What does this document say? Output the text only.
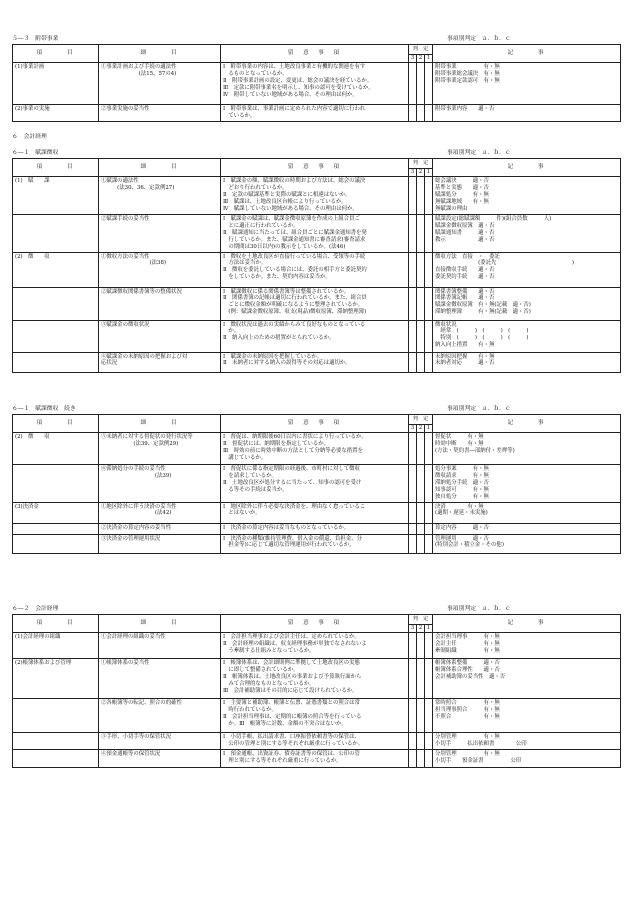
５―３　附帯事業	事項別判定　ａ．ｂ．ｃ
項　　　目	細　　　目	留　意　事　項	判　定			記　　　事
			3	2	1	

(1)事業計画	①事業計画および手続の適法性
　　　　　　　(法15、57の4)	Ⅰ　附帯事業の内容は、土地改良事業と有機的な関連を有す
　るものとなっているか。
Ⅱ　附帯事業計画の設定、変更は、総会の議決を経ているか。
Ⅲ　定款に附帯事業名を明示し、知事の認可を受けているか。
Ⅳ　附帯していない地域がある場合、その理由は何か。				附帯事業　　　　　有・無
附帯事業総会議決　有・無
附帯事業定款認可　有・無

(2)事業の実施	②事業実施の妥当性	Ⅰ　附帯事業は、事業計画に定められた内容で適切に行われ
　ているか。				附帯事業内容　　適・否
６　会計経理
６―１　賦課徴収	事項別判定　ａ．ｂ．ｃ
項　　　目	細　　　目	留　意　事　項	判　定			記　　　事
			3	2	1	

(1)　賦　　課	①賦課の適法性
　　　(法30、36、定款例27)	Ⅰ　賦課金の額、賦課徴収の時期および方法は、総会の議決
　どおり行われているか。
Ⅱ　定款の賦課基準と実際の賦課とに相違はないか。
Ⅲ　賦課は、土地改良区台帳により行っているか。
Ⅳ　賦課していない地域がある場合、その理由は何か。				総会議決　　　適・否
基準と実態　　適・否
賦課処分　　　有・無
無賦課地域　　有・無
無賦課の理由

	②賦課手続の妥当性	Ⅰ　賦課金の賦課は、賦課金徴収原簿を作成の上組合員ご
　とに適正に行われているか。
Ⅱ　賦課通知に当たっては、組合員ごとに賦課金通知書を発
　行しているか。また、賦課金通知書に審査請求(審査請求
　の期間は30日以内)の教示をしているか。(法46)				賦課設定(総賦課額　　　件)(組合員数　　　人)
賦課金徴収原簿　適・否
賦課通知書　　　適・否
教示　　　　　　適・否

(2)　徴　　収	①徴収方法の妥当性
　　　　　　　　　(法38)	Ⅰ　徴収を土地改良区が直接行っている場合、受領等の手続
　方法は妥当か。
Ⅱ　徴収を委託している場合には、委託の相手方と委託契約
　をしているか。また、契約内容は妥当か。				徴収方法　直接　・　委託
　　　　　　　　(委託先　　　　　　　　　　　　　　)
直接徴収手続　　適・否
委託契約手続　　適・否

	②賦課徴収関係書簿等の整備状況	Ⅰ　賦課徴収に係る関係書簿等は整備されているか。
Ⅱ　関係書簿の記帳は適切に行われているか。また、組合員
　ごとに徴収金額が明確になるように整理されているか。
　(例：賦課金徴収原簿、収支(現品)徴収原簿、滞納整理簿)				関係書簿整備　　適・否
関係書簿記帳　　適・否
賦課金徴収原簿　有・無(記載　適・否)
滞納整理簿　　　有・無(記載　適・否)

	③賦課金の徴収状況	Ⅰ　徴収状況は過去の実績からみて良好なものとなっている
　か。
Ⅱ　納入向上のための措置がとられているか。				徴収状況
　経常　(　　　)　(　　　)　(　　　)
　特別　(　　　)　(　　　)　(　　　)
納入向上措置　　有・無

	④賦課金の未納原因の把握および対
応状況	Ⅰ　賦課金の未納原因を把握しているか。
Ⅱ　未納者に対する納入の説得等その対応は適切か。				未納原因把握　　有・無
未納者対応　　　適・否
６―１　賦課徴収　続き	事項別判定　ａ．ｂ．ｃ
項　　　目	細　　　目	留　意　事　項	判　定			記　　　事
			3	2	1	

(2)　徴　　収	⑤未納者に対する督促状の発行状況等
　　　　　　(法39、定款例29)	Ⅰ　督促は、納期限後60日以内に書状により行っているか。
Ⅱ　督促状には、納期限を指定しているか。
Ⅲ　時効の前に時効中断の方法として分納等必要な措置を
　講じているか。				督促状　　　有・無
時効中断　　有・無
(方法・契約書―部納付・差押等)

	⑥滞納処分の手続の妥当性
　　　　　　　　　　(法39)	Ⅰ　督促状に係る指定期限の経過後、市町村に対して徴収
　を請求しているか。
Ⅱ　土地改良区が処分するに当たって、知事の認可を受け
　る等その手続は妥当か。				処分事案　　　有・無
徴収請求　　　有・無
滞納処分手続　適・否
知事認可　　　有・無
独自処分　　　有・無

(3)決済金	①地区除外に伴う決済の妥当性
　　　　　　　　　　(法42)	Ⅰ　地区除外に伴う必要な決済金を、理由なく怠っているこ
　とはないか。				決済　　　　有・無
(適期・遅延・未実施)

	②決済金の算定内容の妥当性	Ⅰ　決済金の算定内容は妥当なものとなっているか。				算定内容　　　適・否

	③決済金の管理運用状況	Ⅰ　決済金の種類(維持管理費、借入金の償還、負担金、分
　担金等)に応じて適切な管理運用が行われているか。				管理運用　　　適・否
(特別会計・積立金・その他)
６―２　会計経理	事項別判定　ａ．ｂ．ｃ
項　　　目	細　　　目	留　意　事　項	判　定			記　　　事
			3	2	1	

(1)会計経理の組織	①会計経理の組織の妥当性	Ⅰ　会計担当理事および会計主任は、定められているか。
Ⅱ　会計経理の組織は、収支経理事務が単独でなされないよ
　う牽制する仕組みとなっているか。				会計担当理事　　　有・無
会計主任　　　　　有・無
牽制組織　　　　　有・無

(2)帳簿体系および管理	①帳簿体系の妥当性	Ⅰ　帳簿体系は、会計細則例に準拠して土地改良区の実態
　に即して整備されているか。
Ⅱ　帳簿体系は、土地改良区の事業および予算執行面から
　みて合理的なものとなっているか。
Ⅲ　会計補助簿はその目的に応じて設けられているか。				帳簿体系整備　　　適・否
帳簿体系合理性　　適・否
会計補助簿の妥当性　適・否

	②各帳簿等の転記、照合の的確性	Ⅰ　主要簿と補助簿、帳簿と伝票、証憑書類との照合は常
　時行われているか。
Ⅱ　会計担当理事は、定期的に帳簿の照合等を行っている
　か。Ⅲ　帳簿等に計数、金額の不突合はないか。				常時照合　　　　　有・無
担当理事照合　　　有・無
不照合　　　　　　有・無

	③手形、小切手等の保管状況	Ⅰ　小切手帳、払出請求書、口座振替依頼書等の保管は、
　公印の管理と別にする等それぞれ厳重に行っているか。				分別管理　　　　　有・無
小切手　　　払出依頼書　　　　公印

	④預金通帳等の保管状況	Ⅰ　預金通帳、出資証券、債券証書等の保管は、公印の管
　理と別にする等それぞれ厳重に行っているか。				分別管理　　　　　有・無
小切手　　預金証書　　　　　公印
